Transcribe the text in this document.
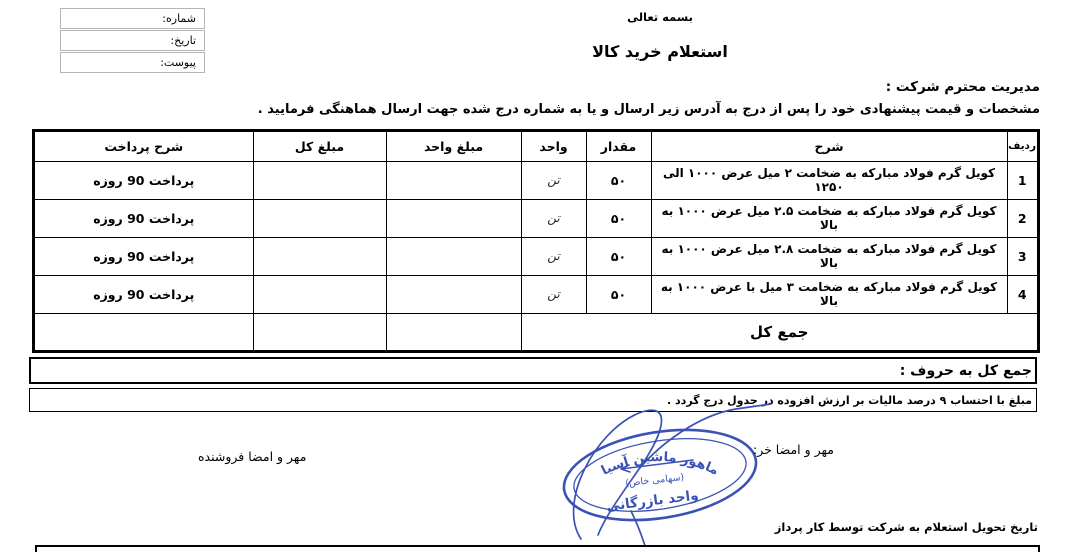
شماره:
تاریخ:
پیوست:
بسمه تعالی
استعلام خرید کالا
مدیریت محترم شرکت :
مشخصات و قیمت پیشنهادی خود را پس از درج به آدرس زیر ارسال و یا به شماره درج شده جهت ارسال هماهنگی فرمایید .
ردیف	شرح	مقدار	واحد	مبلغ واحد	مبلغ کل	شرح پرداخت
1	کویل گرم فولاد مبارکه به ضخامت ۲ میل عرض ۱۰۰۰ الی ۱۲۵۰	۵۰	تن			پرداخت 90 روزه
2	کویل گرم فولاد مبارکه به ضخامت ۲.۵ میل عرض ۱۰۰۰ به بالا	۵۰	تن			پرداخت 90 روزه
3	کویل گرم فولاد مبارکه به ضخامت ۲.۸ میل عرض ۱۰۰۰ به بالا	۵۰	تن			پرداخت 90 روزه
4	کویل گرم فولاد مبارکه به ضخامت ۳ میل با عرض ۱۰۰۰ به بالا	۵۰	تن			پرداخت 90 روزه
جمع کل						
جمع کل به حروف :
مبلغ با احتساب ۹ درصد مالیات بر ارزش افزوده در جدول درج گردد .
ماهور ماشین آسیا
(سهامی خاص)
واحد بازرگانی
مهر و امضا خر:
مهر و امضا فروشنده
تاریخ تحویل استعلام به شرکت توسط کار پرداز
